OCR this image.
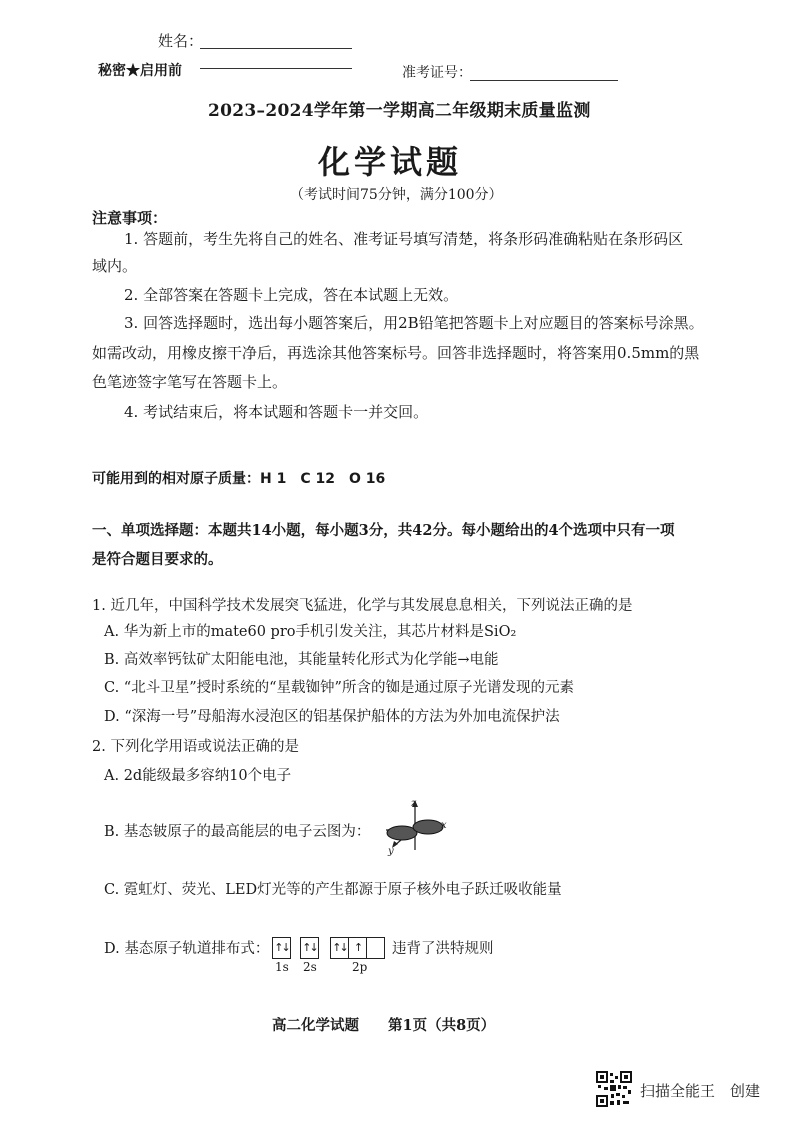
姓名：
秘密★启用前	准考证号：
2023–2024学年第一学期高二年级期末质量监测
化学试题
（考试时间75分钟，满分100分）
注意事项：
1. 答题前，考生先将自己的姓名、准考证号填写清楚，将条形码准确粘贴在条形码区
域内。
2. 全部答案在答题卡上完成，答在本试题上无效。
3. 回答选择题时，选出每小题答案后，用2B铅笔把答题卡上对应题目的答案标号涂黑。
如需改动，用橡皮擦干净后，再选涂其他答案标号。回答非选择题时，将答案用0.5mm的黑
色笔迹签字笔写在答题卡上。
4. 考试结束后，将本试题和答题卡一并交回。
可能用到的相对原子质量：H 1　C 12　O 16
一、单项选择题：本题共14小题，每小题3分，共42分。每小题给出的4个选项中只有一项
是符合题目要求的。
1. 近几年，中国科学技术发展突飞猛进，化学与其发展息息相关，下列说法正确的是
A. 华为新上市的mate60 pro手机引发关注，其芯片材料是SiO₂
B. 高效率钙钛矿太阳能电池，其能量转化形式为化学能→电能
C. “北斗卫星”授时系统的“星载铷钟”所含的铷是通过原子光谱发现的元素
D. “深海一号”母船海水浸泡区的铝基保护船体的方法为外加电流保护法
2. 下列化学用语或说法正确的是
A. 2d能级最多容纳10个电子
B. 基态铍原子的最高能层的电子云图为：
z
x
y
C. 霓虹灯、荧光、LED灯光等的产生都源于原子核外电子跃迁吸收能量
D. 基态原子轨道排布式： ↑↓ ↑↓ ↑↓ ↑
1s 2s	2p
违背了洪特规则
高二化学试题　　第1页（共8页）
扫描全能王　创建
